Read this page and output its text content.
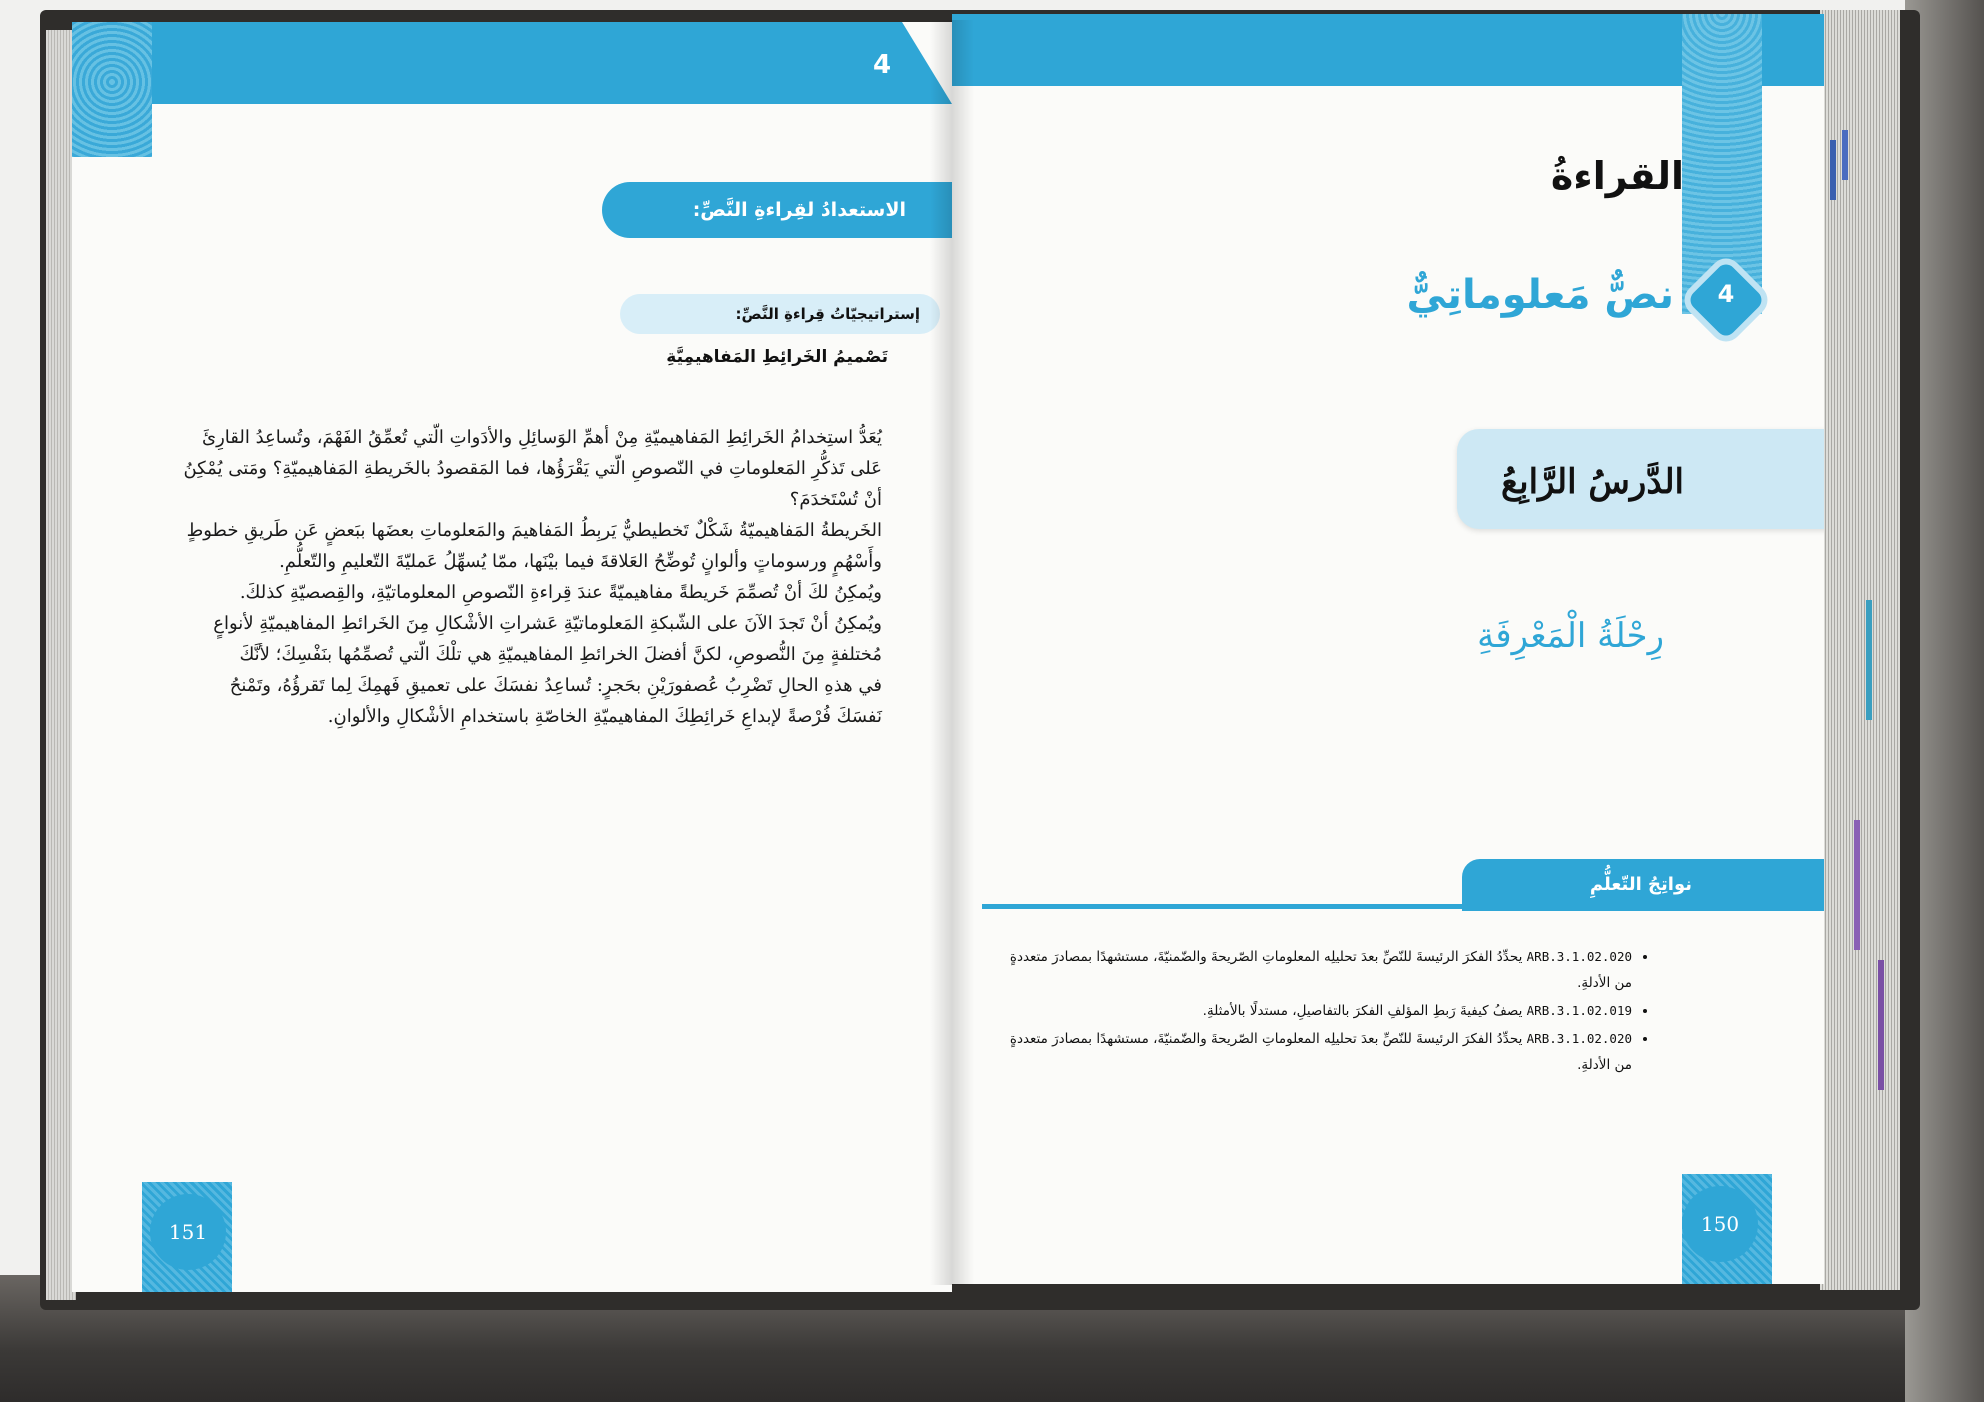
4
الاستعدادُ لقِراءةِ النَّصِّ:
إستراتيجيّاتُ قِراءةِ النَّصِّ:
تَصْميمُ الخَرائِطِ المَفاهيمِيَّةِ

يُعَدُّ استِخدامُ الخَرائِطِ المَفاهيميّةِ مِنْ أهمِّ الوَسائِلِ والأدَواتِ الّتي تُعمِّقُ الفَهْمَ، وتُساعِدُ القارِئَ

عَلى تَذكُّرِ المَعلوماتِ في النّصوصِ الّتي يَقْرَؤُها، فما المَقصودُ بالخَريطةِ المَفاهيميّةِ؟ ومَتى يُمْكِنُ

أنْ تُسْتَخدَمَ؟

الخَريطةُ المَفاهيميّةُ شَكْلٌ تَخطيطيٌّ يَربِطُ المَفاهيمَ والمَعلوماتِ بعضَها ببَعضٍ عَن طَريقِ خطوطٍ

وأَسْهُمٍ ورسوماتٍ وألوانٍ تُوضِّحُ العَلاقةَ فيما بيْنَها، ممّا يُسهِّلُ عَمليّةَ التّعليمِ والتّعلُّمِ.

ويُمكِنُ لكَ أنْ تُصمِّمَ خَريطةً مفاهيميّةً عندَ قِراءةِ النّصوصِ المعلوماتيّةِ، والقِصصيّةِ كذلكَ.

ويُمكِنُ أنْ تَجدَ الآنَ على الشّبكةِ المَعلوماتيّةِ عَشراتِ الأشْكالِ مِنَ الخَرائطِ المفاهيميّةِ لأنواعٍ

مُختلفةٍ مِنَ النُّصوصِ، لكنَّ أفضلَ الخرائطِ المفاهيميّةِ هي تلْكَ الّتي تُصمِّمُها بنَفْسِكَ؛ لأنَّكَ

في هذهِ الحالِ تَضْرِبُ عُصفورَيْنِ بحَجرٍ: تُساعِدُ نفسَكَ على تعميقِ فَهمِكَ لِما تَقرؤُهُ، وتَمْنحُ

نَفسَكَ فُرْصةً لإبداعِ خَرائِطِكَ المفاهيميّةِ الخاصّةِ باستخدامِ الأشْكالِ والألوانِ.

151
القراءةُ
4
نصٌّ مَعلوماتِيٌّ
الدَّرسُ الرَّابِعُ
رِحْلَةُ الْمَعْرِفَةِ
نواتِجُ التّعلُّمِ
• ARB.3.1.02.020 يحدِّدُ الفكرَ الرئيسةَ للنّصِّ بعدَ تحليلِه المعلوماتِ الصّريحةَ والضّمنيّةَ، مستشهدًا بمصادرَ متعددةٍ من الأدلةِ.
• ARB.3.1.02.019 يصفُ كيفيةَ رَبطِ المؤلفِ الفكرَ بالتفاصيلِ، مستدلًا بالأمثلةِ.
• ARB.3.1.02.020 يحدِّدُ الفكرَ الرئيسةَ للنّصِّ بعدَ تحليلِه المعلوماتِ الصّريحةَ والضّمنيّةَ، مستشهدًا بمصادرَ متعددةٍ من الأدلةِ.
150
